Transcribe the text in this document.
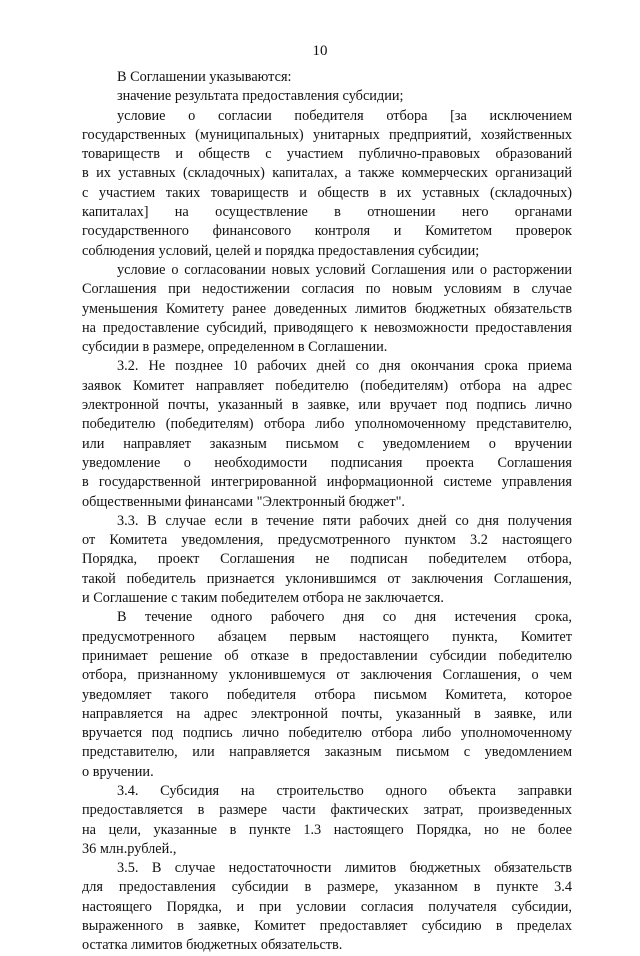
10
В Соглашении указываются:
значение результата предоставления субсидии;
условие о согласии победителя отбора [за исключением
государственных (муниципальных) унитарных предприятий, хозяйственных
товариществ и обществ с участием публично-правовых образований
в их уставных (складочных) капиталах, а также коммерческих организаций
с участием таких товариществ и обществ в их уставных (складочных)
капиталах] на осуществление в отношении него органами
государственного финансового контроля и Комитетом проверок
соблюдения условий, целей и порядка предоставления субсидии;
условие о согласовании новых условий Соглашения или о расторжении
Соглашения при недостижении согласия по новым условиям в случае
уменьшения Комитету ранее доведенных лимитов бюджетных обязательств
на предоставление субсидий, приводящего к невозможности предоставления
субсидии в размере, определенном в Соглашении.
3.2. Не позднее 10 рабочих дней со дня окончания срока приема
заявок Комитет направляет победителю (победителям) отбора на адрес
электронной почты, указанный в заявке, или вручает под подпись лично
победителю (победителям) отбора либо уполномоченному представителю,
или направляет заказным письмом с уведомлением о вручении
уведомление о необходимости подписания проекта Соглашения
в государственной интегрированной информационной системе управления
общественными финансами "Электронный бюджет".
3.3. В случае если в течение пяти рабочих дней со дня получения
от Комитета уведомления, предусмотренного пунктом 3.2 настоящего
Порядка, проект Соглашения не подписан победителем отбора,
такой победитель признается уклонившимся от заключения Соглашения,
и Соглашение с таким победителем отбора не заключается.
В течение одного рабочего дня со дня истечения срока,
предусмотренного абзацем первым настоящего пункта, Комитет
принимает решение об отказе в предоставлении субсидии победителю
отбора, признанному уклонившемуся от заключения Соглашения, о чем
уведомляет такого победителя отбора письмом Комитета, которое
направляется на адрес электронной почты, указанный в заявке, или
вручается под подпись лично победителю отбора либо уполномоченному
представителю, или направляется заказным письмом с уведомлением
о вручении.
3.4. Субсидия на строительство одного объекта заправки
предоставляется в размере части фактических затрат, произведенных
на цели, указанные в пункте 1.3 настоящего Порядка, но не более
36 млн.рублей.,
3.5. В случае недостаточности лимитов бюджетных обязательств
для предоставления субсидии в размере, указанном в пункте 3.4
настоящего Порядка, и при условии согласия получателя субсидии,
выраженного в заявке, Комитет предоставляет субсидию в пределах
остатка лимитов бюджетных обязательств.
